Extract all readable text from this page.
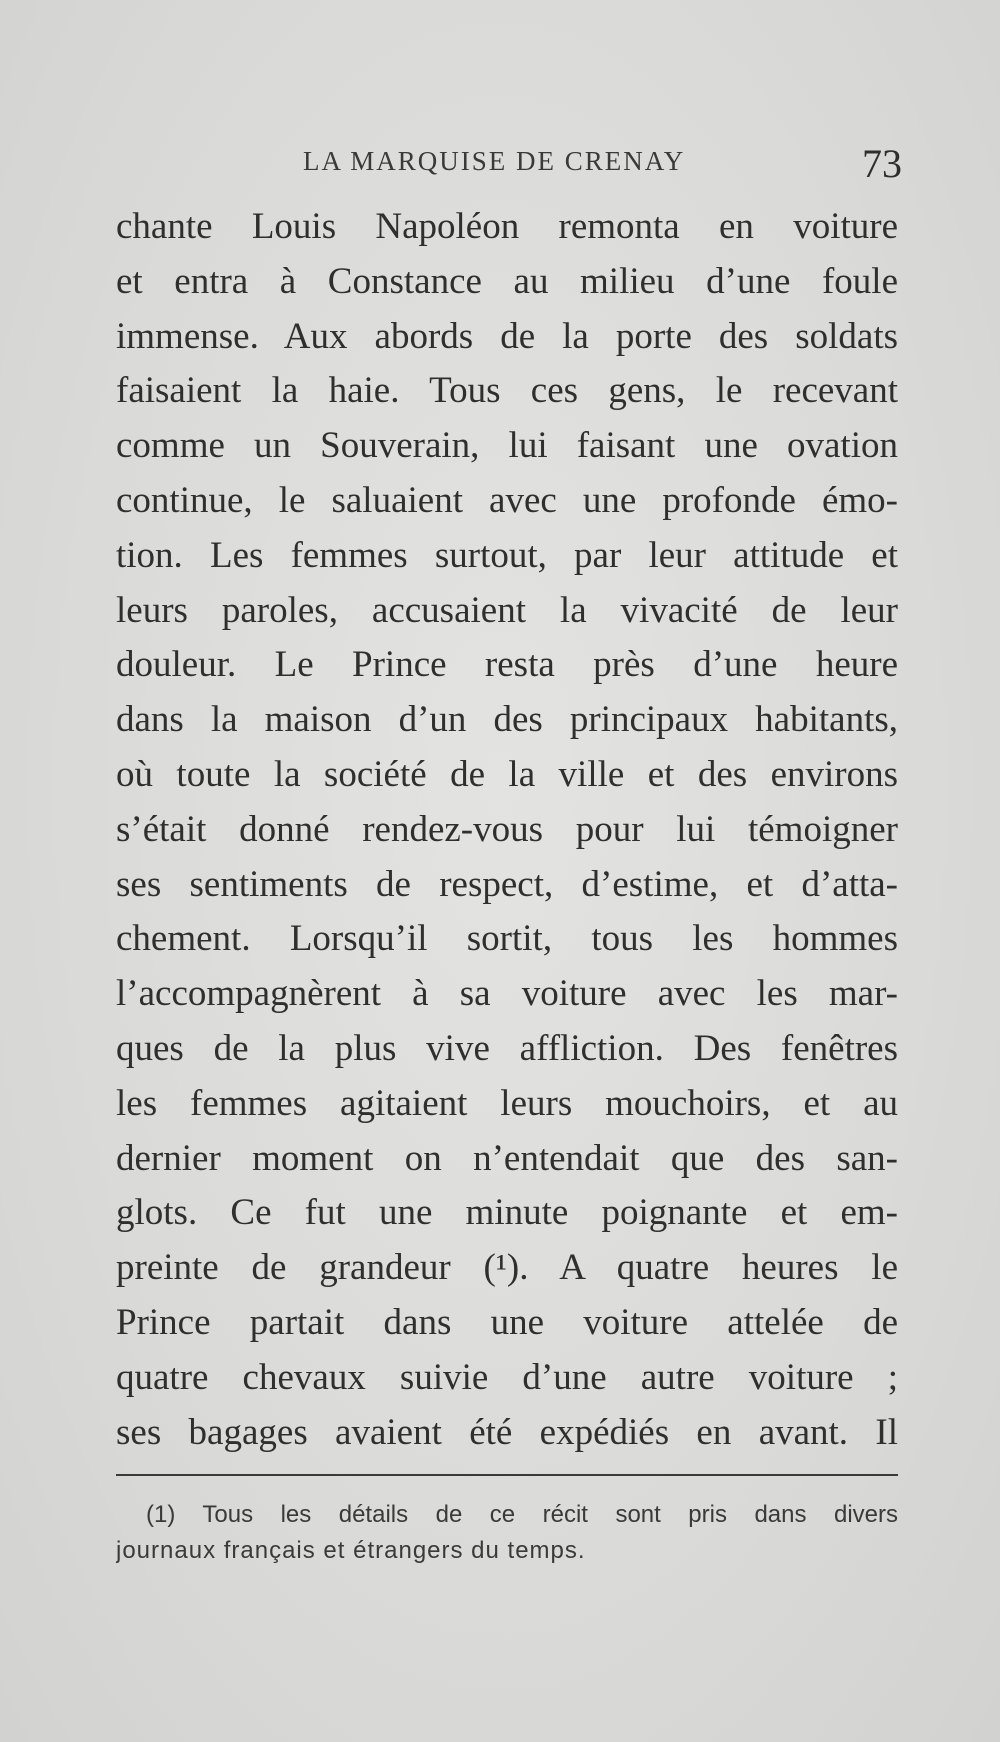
LA MARQUISE DE CRENAY	73
chante Louis Napoléon remonta en voiture
et entra à Constance au milieu d’une foule
immense. Aux abords de la porte des soldats
faisaient la haie. Tous ces gens, le recevant
comme un Souverain, lui faisant une ovation
continue, le saluaient avec une profonde émo-
tion. Les femmes surtout, par leur attitude et
leurs paroles, accusaient la vivacité de leur
douleur. Le Prince resta près d’une heure
dans la maison d’un des principaux habitants,
où toute la société de la ville et des environs
s’était donné rendez-vous pour lui témoigner
ses sentiments de respect, d’estime, et d’atta-
chement. Lorsqu’il sortit, tous les hommes
l’accompagnèrent à sa voiture avec les mar-
ques de la plus vive affliction. Des fenêtres
les femmes agitaient leurs mouchoirs, et au
dernier moment on n’entendait que des san-
glots. Ce fut une minute poignante et em-
preinte de grandeur (¹). A quatre heures le
Prince partait dans une voiture attelée de
quatre chevaux suivie d’une autre voiture ;
ses bagages avaient été expédiés en avant. Il
(1) Tous les détails de ce récit sont pris dans divers
journaux français et étrangers du temps.
